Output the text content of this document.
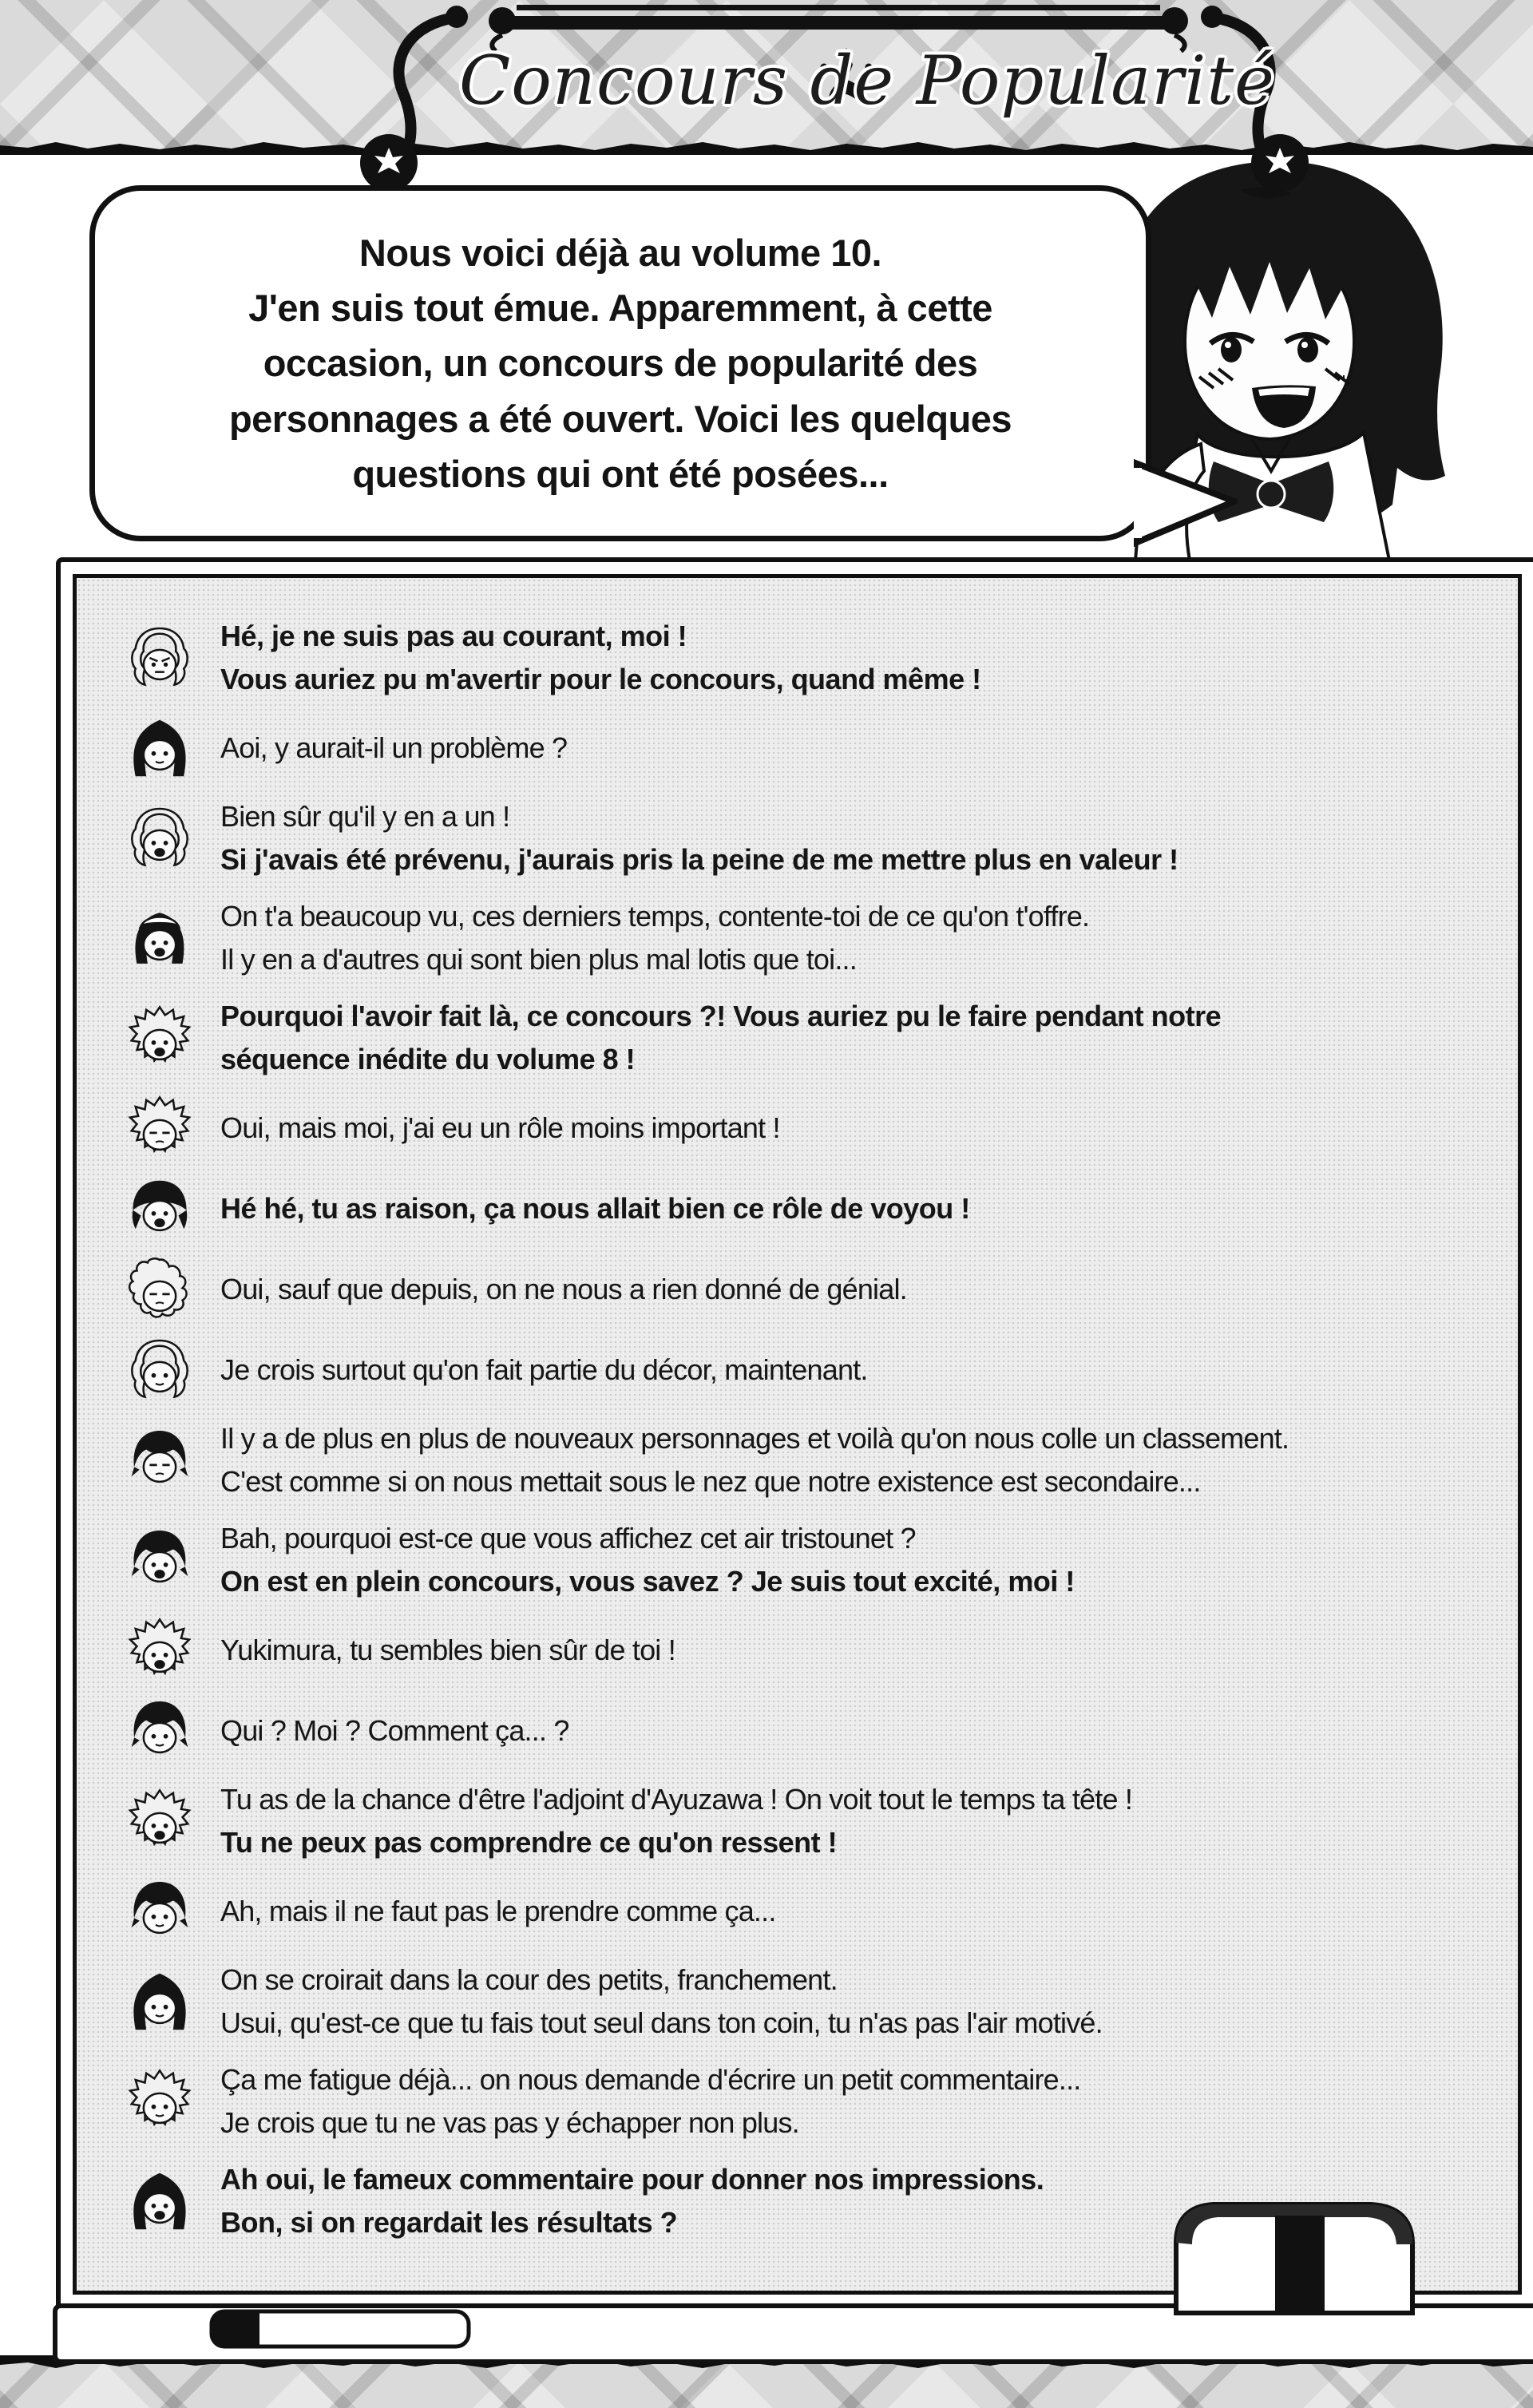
Concours de Popularité
Nous voici déjà au volume 10.
J'en suis tout émue. Apparemment, à cette
occasion, un concours de popularité des
personnages a été ouvert. Voici les quelques
questions qui ont été posées...
Hé, je ne suis pas au courant, moi !
Vous auriez pu m'avertir pour le concours, quand même !
Aoi, y aurait-il un problème ?
Bien sûr qu'il y en a un !
Si j'avais été prévenu, j'aurais pris la peine de me mettre plus en valeur !
On t'a beaucoup vu, ces derniers temps, contente-toi de ce qu'on t'offre.
Il y en a d'autres qui sont bien plus mal lotis que toi...
Pourquoi l'avoir fait là, ce concours ?! Vous auriez pu le faire pendant notre
séquence inédite du volume 8 !
Oui, mais moi, j'ai eu un rôle moins important !
Hé hé, tu as raison, ça nous allait bien ce rôle de voyou !
Oui, sauf que depuis, on ne nous a rien donné de génial.
Je crois surtout qu'on fait partie du décor, maintenant.
Il y a de plus en plus de nouveaux personnages et voilà qu'on nous colle un classement.
C'est comme si on nous mettait sous le nez que notre existence est secondaire...
Bah, pourquoi est-ce que vous affichez cet air tristounet ?
On est en plein concours, vous savez ? Je suis tout excité, moi !
Yukimura, tu sembles bien sûr de toi !
Qui ? Moi ? Comment ça... ?
Tu as de la chance d'être l'adjoint d'Ayuzawa ! On voit tout le temps ta tête !
Tu ne peux pas comprendre ce qu'on ressent !
Ah, mais il ne faut pas le prendre comme ça...
On se croirait dans la cour des petits, franchement.
Usui, qu'est-ce que tu fais tout seul dans ton coin, tu n'as pas l'air motivé.
Ça me fatigue déjà... on nous demande d'écrire un petit commentaire...
Je crois que tu ne vas pas y échapper non plus.
Ah oui, le fameux commentaire pour donner nos impressions.
Bon, si on regardait les résultats ?
